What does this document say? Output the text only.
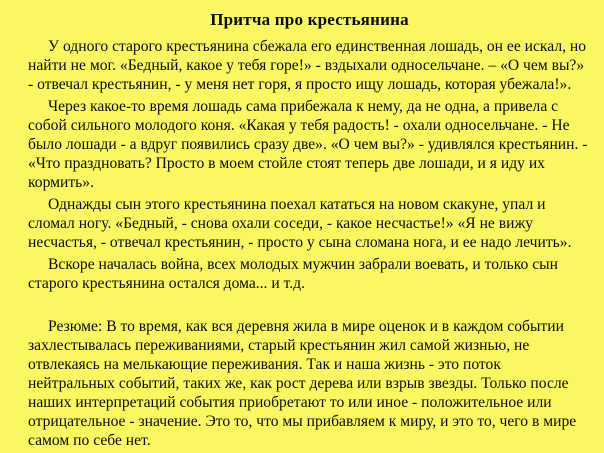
Притча про крестьянина

У одного старого крестьянина сбежала его единственная лошадь, он ее искал, но найти не мог. «Бедный, какое у тебя горе!» - вздыхали односельчане. – «О чем вы?» - отвечал крестьянин, - у меня нет горя, я просто ищу лошадь, которая убежала!».

Через какое-то время лошадь сама прибежала к нему, да не одна, а привела с собой сильного молодого коня. «Какая у тебя радость! - охали односельчане. - Не было лошади - а вдруг появились сразу две». «О чем вы?» - удивлялся крестьянин. - «Что праздновать? Просто в моем стойле стоят теперь две лошади, и я иду их кормить».

Однажды сын этого крестьянина поехал кататься на новом скакуне, упал и сломал ногу. «Бедный, - снова охали соседи, - какое несчастье!» «Я не вижу несчастья, - отвечал крестьянин, - просто у сына сломана нога, и ее надо лечить».

Вскоре началась война, всех молодых мужчин забрали воевать, и только сын старого крестьянина остался дома... и т.д.

Резюме: В то время, как вся деревня жила в мире оценок и в каждом событии захлестывалась переживаниями, старый крестьянин жил самой жизнью, не отвлекаясь на мелькающие переживания. Так и наша жизнь - это поток нейтральных событий, таких же, как рост дерева или взрыв звезды. Только после наших интерпретаций события приобретают то или иное - положительное или отрицательное - значение. Это то, что мы прибавляем к миру, и это то, чего в мире самом по себе нет.
